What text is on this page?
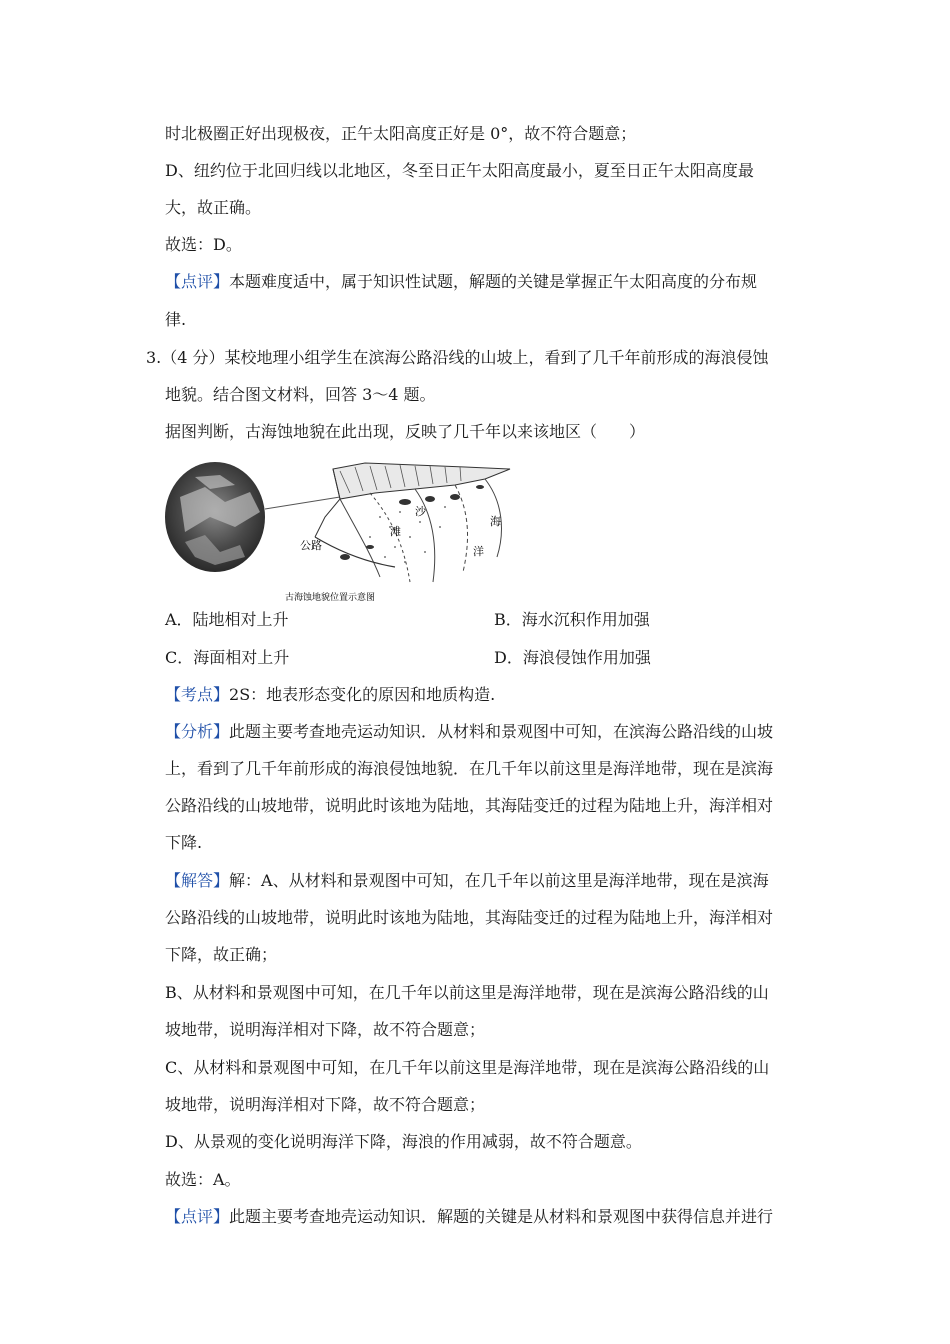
时北极圈正好出现极夜，正午太阳高度正好是 0°，故不符合题意；
D、纽约位于北回归线以北地区，冬至日正午太阳高度最小，夏至日正午太阳高度最
大，故正确。
故选：D。
【点评】本题难度适中，属于知识性试题，解题的关键是掌握正午太阳高度的分布规
律.
3.（4 分）某校地理小组学生在滨海公路沿线的山坡上，看到了几千年前形成的海浪侵蚀
地貌。结合图文材料，回答 3～4 题。
据图判断，古海蚀地貌在此出现，反映了几千年以来该地区（　　）
公路
沙
滩
海
洋
古海蚀地貌位置示意图
A．陆地相对上升	B．海水沉积作用加强
C．海面相对上升	D．海浪侵蚀作用加强
【考点】2S：地表形态变化的原因和地质构造.
【分析】此题主要考查地壳运动知识．从材料和景观图中可知，在滨海公路沿线的山坡
上，看到了几千年前形成的海浪侵蚀地貌．在几千年以前这里是海洋地带，现在是滨海
公路沿线的山坡地带，说明此时该地为陆地，其海陆变迁的过程为陆地上升，海洋相对
下降.
【解答】解：A、从材料和景观图中可知，在几千年以前这里是海洋地带，现在是滨海
公路沿线的山坡地带，说明此时该地为陆地，其海陆变迁的过程为陆地上升，海洋相对
下降，故正确；
B、从材料和景观图中可知，在几千年以前这里是海洋地带，现在是滨海公路沿线的山
坡地带，说明海洋相对下降，故不符合题意；
C、从材料和景观图中可知，在几千年以前这里是海洋地带，现在是滨海公路沿线的山
坡地带，说明海洋相对下降，故不符合题意；
D、从景观的变化说明海洋下降，海浪的作用减弱，故不符合题意。
故选：A。
【点评】此题主要考查地壳运动知识．解题的关键是从材料和景观图中获得信息并进行
